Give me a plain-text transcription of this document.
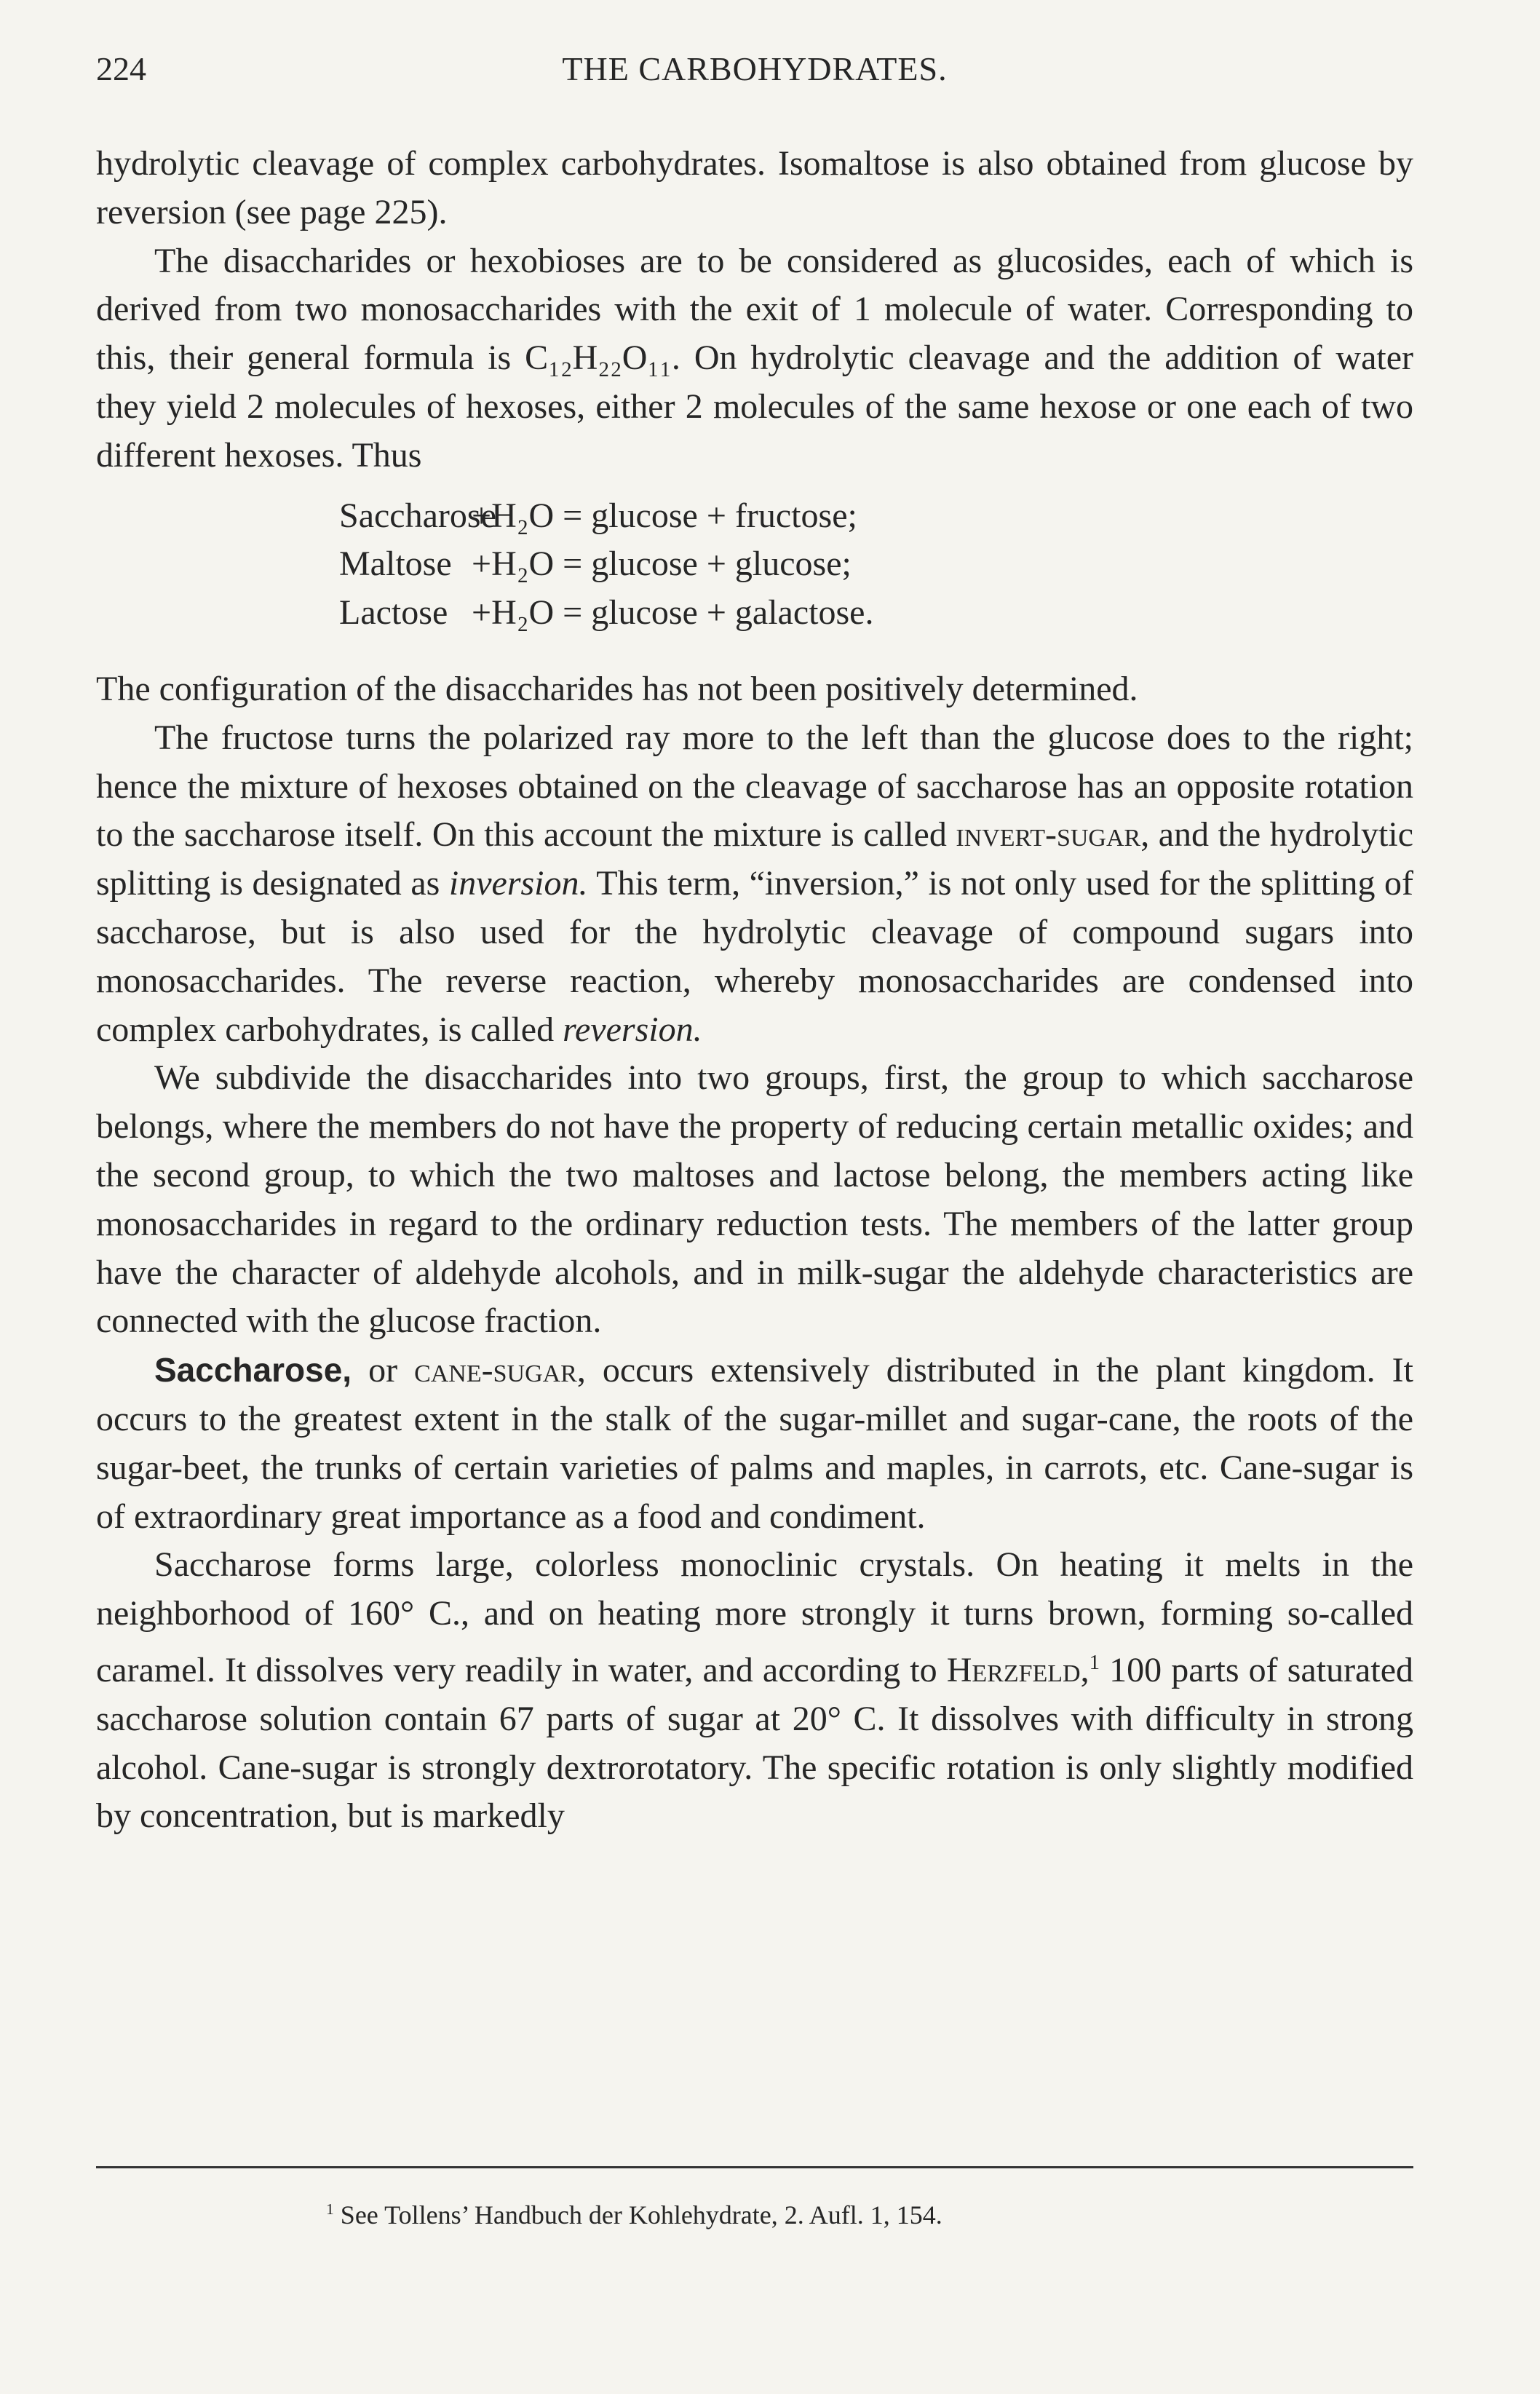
224	THE CARBOHYDRATES.

hydrolytic cleavage of complex carbohydrates. Isomaltose is also obtained from glucose by reversion (see page 225).

The disaccharides or hexobioses are to be considered as glucosides, each of which is derived from two monosaccharides with the exit of 1 molecule of water. Corresponding to this, their general formula is C₁₂H₂₂O₁₁. On hydrolytic cleavage and the addition of water they yield 2 molecules of hexoses, either 2 molecules of the same hexose or one each of two different hexoses. Thus

Saccharose
+H₂O = glucose + fructose;
Maltose +H₂O = glucose + glucose;
Lactose +H₂O = glucose + galactose.

The configuration of the disaccharides has not been positively determined.

The fructose turns the polarized ray more to the left than the glucose does to the right; hence the mixture of hexoses obtained on the cleavage of saccharose has an opposite rotation to the saccharose itself. On this account the mixture is called invert-sugar, and the hydrolytic splitting is designated as inversion. This term, “inversion,” is not only used for the splitting of saccharose, but is also used for the hydrolytic cleavage of compound sugars into monosaccharides. The reverse reaction, whereby monosaccharides are condensed into complex carbohydrates, is called reversion.

We subdivide the disaccharides into two groups, first, the group to which saccharose belongs, where the members do not have the property of reducing certain metallic oxides; and the second group, to which the two maltoses and lactose belong, the members acting like monosaccharides in regard to the ordinary reduction tests. The members of the latter group have the character of aldehyde alcohols, and in milk-sugar the aldehyde characteristics are connected with the glucose fraction.

Saccharose, or cane-sugar, occurs extensively distributed in the plant kingdom. It occurs to the greatest extent in the stalk of the sugar-millet and sugar-cane, the roots of the sugar-beet, the trunks of certain varieties of palms and maples, in carrots, etc. Cane-sugar is of extraordinary great importance as a food and condiment.

Saccharose forms large, colorless monoclinic crystals. On heating it melts in the neighborhood of 160° C., and on heating more strongly it turns brown, forming so-called caramel. It dissolves very readily in water, and according to Herzfeld,$^1$ 100 parts of saturated saccharose solution contain 67 parts of sugar at 20° C. It dissolves with difficulty in strong alcohol. Cane-sugar is strongly dextrorotatory. The specific rotation is only slightly modified by concentration, but is markedly

$^1$ See Tollens’ Handbuch der Kohlehydrate, 2. Aufl. 1, 154.
